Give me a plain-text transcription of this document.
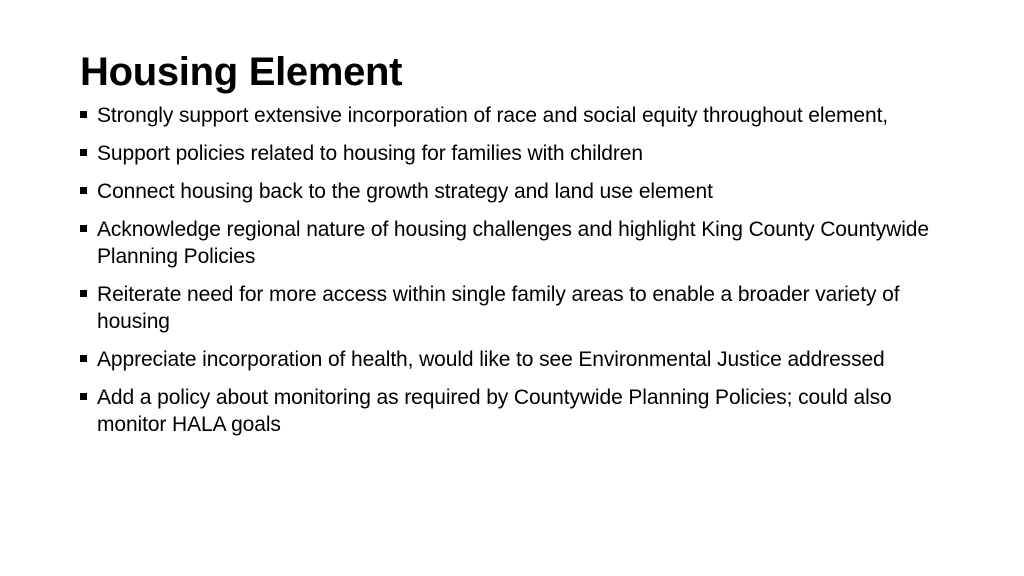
Housing Element
Strongly support extensive incorporation of race and social equity throughout element,
Support policies related to housing for families with children
Connect housing back to the growth strategy and land use element
Acknowledge regional nature of housing challenges and highlight King County Countywide Planning Policies
Reiterate need for more access within single family areas to enable a broader variety of housing
Appreciate incorporation of health, would like to see Environmental Justice addressed
Add a policy about monitoring as required by Countywide Planning Policies; could also monitor HALA goals
